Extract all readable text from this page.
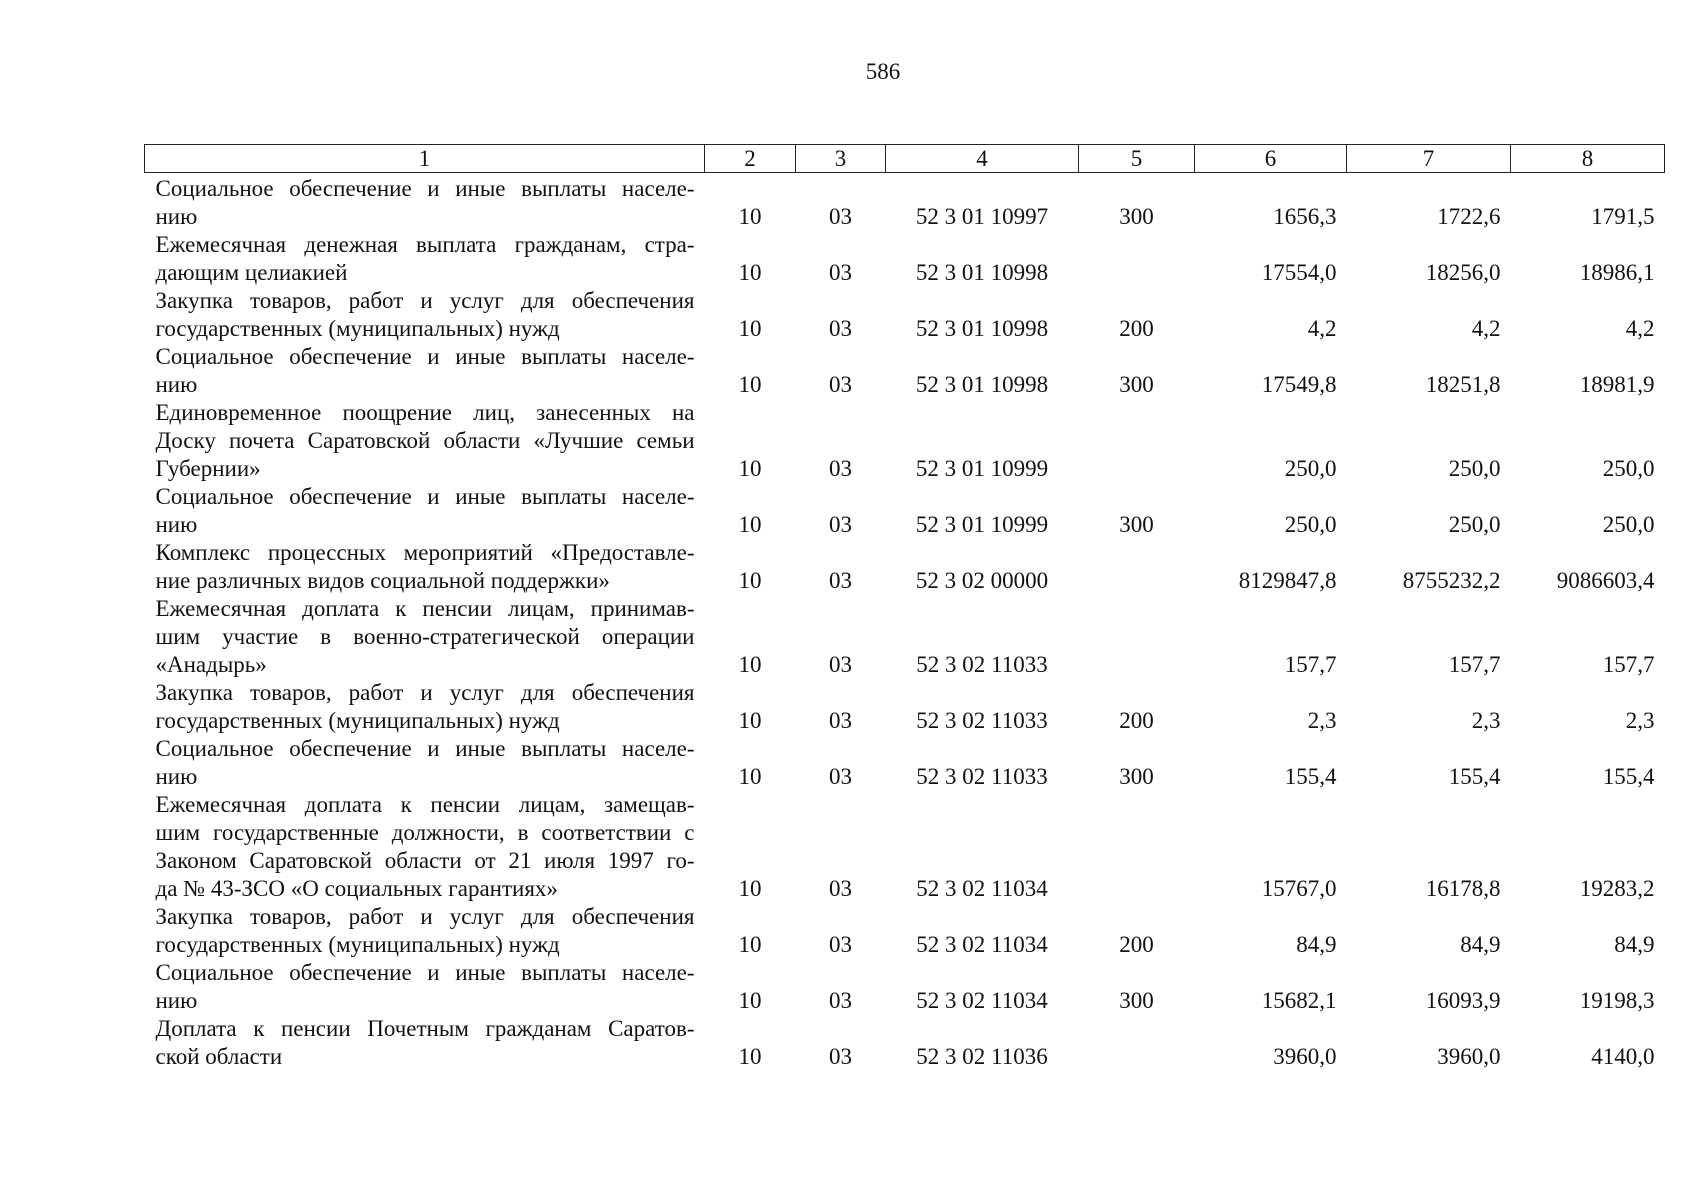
586
1	2	3	4	5	6	7	8

Социальное обеспечение и иные выплаты населе-
нию	10	03	52 3 01 10997	300	1656,3	1722,6	1791,5

Ежемесячная денежная выплата гражданам, стра-
дающим целиакией	10	03	52 3 01 10998		17554,0	18256,0	18986,1

Закупка товаров, работ и услуг для обеспечения
государственных (муниципальных) нужд	10	03	52 3 01 10998	200	4,2	4,2	4,2

Социальное обеспечение и иные выплаты населе-
нию	10	03	52 3 01 10998	300	17549,8	18251,8	18981,9

Единовременное поощрение лиц, занесенных на
Доску почета Саратовской области «Лучшие семьи
Губернии»	10	03	52 3 01 10999		250,0	250,0	250,0

Социальное обеспечение и иные выплаты населе-
нию	10	03	52 3 01 10999	300	250,0	250,0	250,0

Комплекс процессных мероприятий «Предоставле-
ние различных видов социальной поддержки»	10	03	52 3 02 00000		8129847,8	8755232,2	9086603,4

Ежемесячная доплата к пенсии лицам, принимав-
шим участие в военно-стратегической операции
«Анадырь»	10	03	52 3 02 11033		157,7	157,7	157,7

Закупка товаров, работ и услуг для обеспечения
государственных (муниципальных) нужд	10	03	52 3 02 11033	200	2,3	2,3	2,3

Социальное обеспечение и иные выплаты населе-
нию	10	03	52 3 02 11033	300	155,4	155,4	155,4

Ежемесячная доплата к пенсии лицам, замещав-
шим государственные должности, в соответствии с
Законом Саратовской области от 21 июля 1997 го-
да № 43-ЗСО «О социальных гарантиях»	10	03	52 3 02 11034		15767,0	16178,8	19283,2

Закупка товаров, работ и услуг для обеспечения
государственных (муниципальных) нужд	10	03	52 3 02 11034	200	84,9	84,9	84,9

Социальное обеспечение и иные выплаты населе-
нию	10	03	52 3 02 11034	300	15682,1	16093,9	19198,3

Доплата к пенсии Почетным гражданам Саратов-
ской области	10	03	52 3 02 11036		3960,0	3960,0	4140,0
